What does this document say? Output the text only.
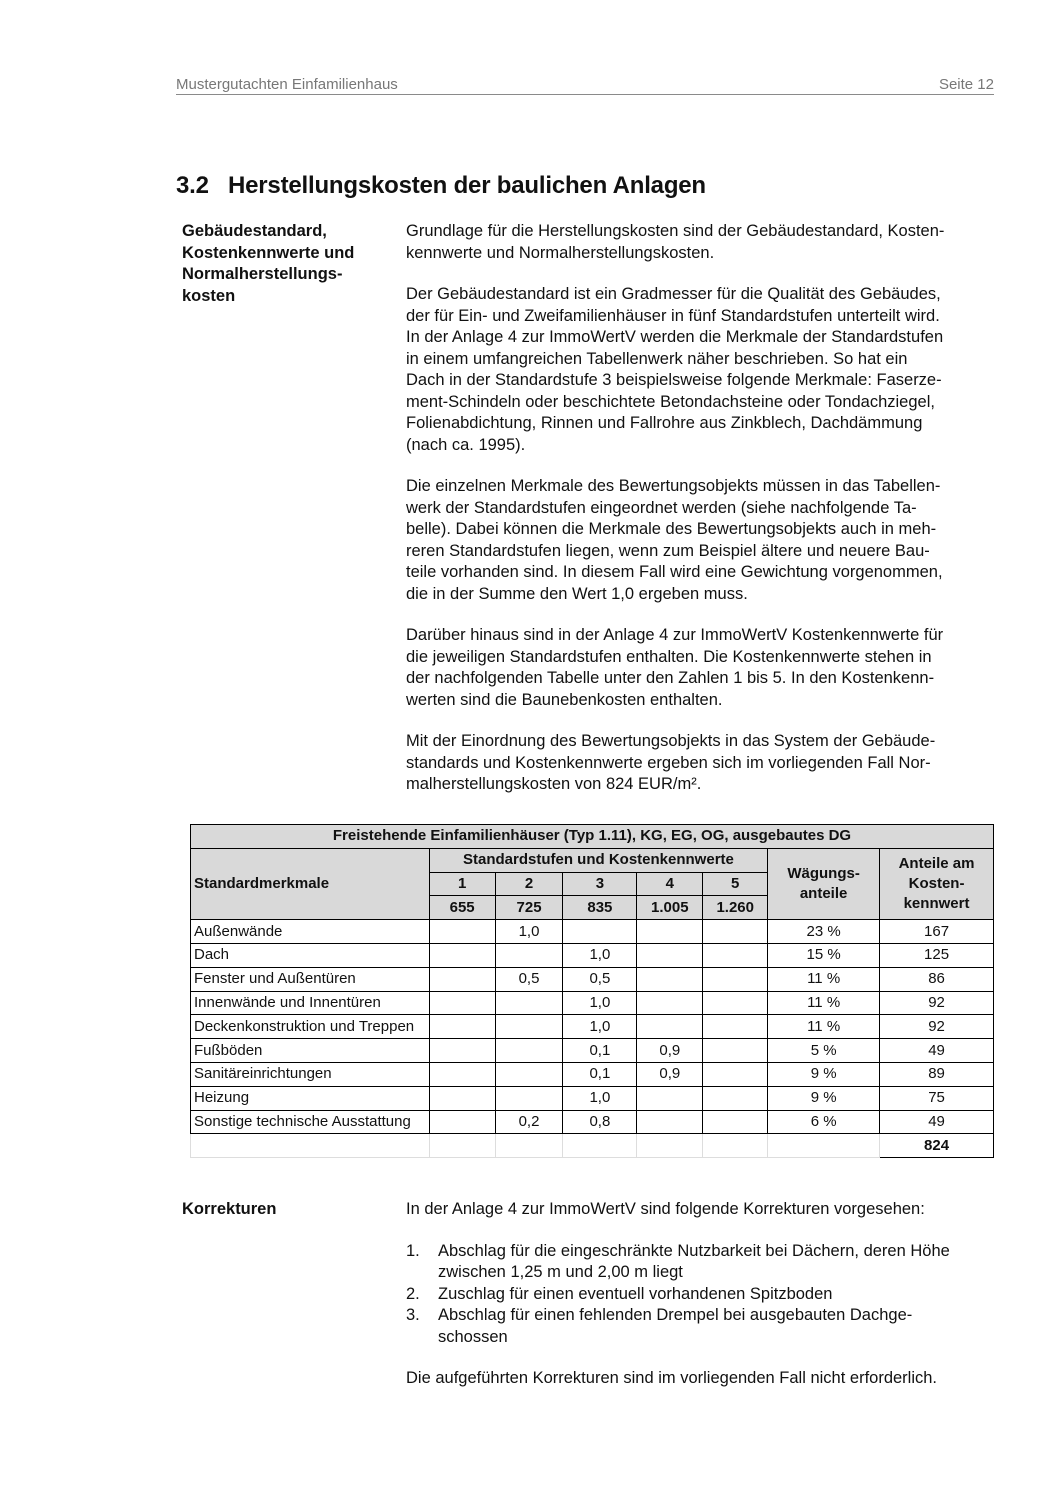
Mustergutachten Einfamilienhaus	Seite 12
3.2 Herstellungskosten der baulichen Anlagen
Gebäudestandard,
Kostenkennwerte und
Normalherstellungs-
kosten

Grundlage für die Herstellungskosten sind der Gebäudestandard, Kosten-
kennwerte und Normalherstellungskosten.

Der Gebäudestandard ist ein Gradmesser für die Qualität des Gebäudes,
der für Ein- und Zweifamilienhäuser in fünf Standardstufen unterteilt wird.
In der Anlage 4 zur ImmoWertV werden die Merkmale der Standardstufen
in einem umfangreichen Tabellenwerk näher beschrieben. So hat ein
Dach in der Standardstufe 3 beispielsweise folgende Merkmale: Faserze-
ment-Schindeln oder beschichtete Betondachsteine oder Tondachziegel,
Folienabdichtung, Rinnen und Fallrohre aus Zinkblech, Dachdämmung
(nach ca. 1995).

Die einzelnen Merkmale des Bewertungsobjekts müssen in das Tabellen-
werk der Standardstufen eingeordnet werden (siehe nachfolgende Ta-
belle). Dabei können die Merkmale des Bewertungsobjekts auch in meh-
reren Standardstufen liegen, wenn zum Beispiel ältere und neuere Bau-
teile vorhanden sind. In diesem Fall wird eine Gewichtung vorgenommen,
die in der Summe den Wert 1,0 ergeben muss.

Darüber hinaus sind in der Anlage 4 zur ImmoWertV Kostenkennwerte für
die jeweiligen Standardstufen enthalten. Die Kostenkennwerte stehen in
der nachfolgenden Tabelle unter den Zahlen 1 bis 5. In den Kostenkenn-
werten sind die Baunebenkosten enthalten.

Mit der Einordnung des Bewertungsobjekts in das System der Gebäude-
standards und Kostenkennwerte ergeben sich im vorliegenden Fall Nor-
malherstellungskosten von 824 EUR/m².

Freistehende Einfamilienhäuser (Typ 1.11), KG, EG, OG, ausgebautes DG							
Standardmerkmale	Standardstufen und Kostenkennwerte					Wägungs-
anteile	Anteile am
Kosten-
kennwert
	1	2	3	4	5		
	655	725	835	1.005	1.260		
Außenwände		1,0				23 %	167
Dach			1,0			15 %	125
Fenster und Außentüren		0,5	0,5			11 %	86
Innenwände und Innentüren			1,0			11 %	92
Deckenkonstruktion und Treppen			1,0			11 %	92
Fußböden			0,1	0,9		5 %	49
Sanitäreinrichtungen			0,1	0,9		9 %	89
Heizung			1,0			9 %	75
Sonstige technische Ausstattung		0,2	0,8			6 %	49
							824
Korrekturen	In der Anlage 4 zur ImmoWertV sind folgende Korrekturen vorgesehen:

1. Abschlag für die eingeschränkte Nutzbarkeit bei Dächern, deren Höhe
zwischen 1,25 m und 2,00 m liegt
2. Zuschlag für einen eventuell vorhandenen Spitzboden
3. Abschlag für einen fehlenden Drempel bei ausgebauten Dachge-
schossen

Die aufgeführten Korrekturen sind im vorliegenden Fall nicht erforderlich.
